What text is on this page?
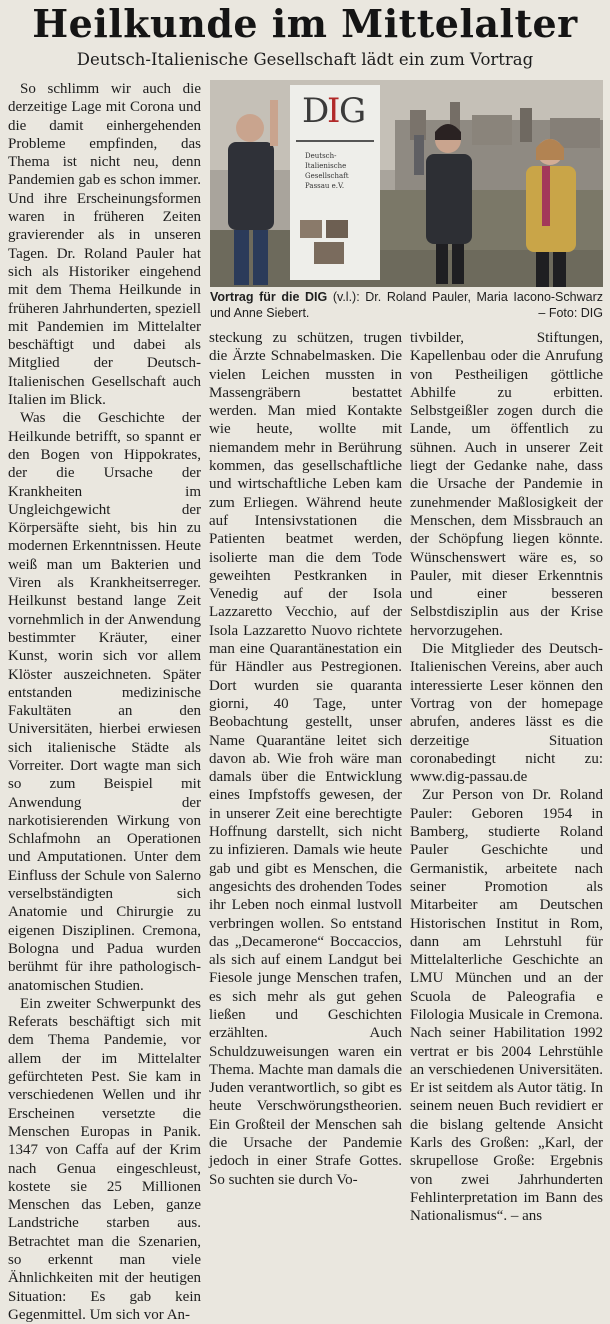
Heilkunde im Mittelalter
Deutsch-Italienische Gesellschaft lädt ein zum Vortrag

So schlimm wir auch die derzeitige Lage mit Corona und die damit einhergehenden Probleme empfinden, das Thema ist nicht neu, denn Pandemien gab es schon immer. Und ihre Erscheinungsformen waren in früheren Zeiten gravierender als in unseren Tagen. Dr. Roland Pauler hat sich als Historiker eingehend mit dem Thema Heilkunde in früheren Jahrhunderten, speziell mit Pandemien im Mittelalter beschäftigt und dabei als Mitglied der Deutsch-Italienischen Gesellschaft auch Italien im Blick.

Was die Geschichte der Heilkunde betrifft, so spannt er den Bogen von Hippokrates, der die Ursache der Krankheiten im Ungleichgewicht der Körpersäfte sieht, bis hin zu modernen Erkenntnissen. Heute weiß man um Bakterien und Viren als Krankheitserreger. Heilkunst bestand lange Zeit vornehmlich in der Anwendung bestimmter Kräuter, einer Kunst, worin sich vor allem Klöster auszeichneten. Später entstanden medizinische Fakultäten an den Universitäten, hierbei erwiesen sich italienische Städte als Vorreiter. Dort wagte man sich so zum Beispiel mit Anwendung der narkotisierenden Wirkung von Schlafmohn an Operationen und Amputationen. Unter dem Einfluss der Schule von Salerno verselbständigten sich Anatomie und Chirurgie zu eigenen Disziplinen. Cremona, Bologna und Padua wurden berühmt für ihre pathologisch-anatomischen Studien.

Ein zweiter Schwerpunkt des Referats beschäftigt sich mit dem Thema Pandemie, vor allem der im Mittelalter gefürchteten Pest. Sie kam in verschiedenen Wellen und ihr Erscheinen versetzte die Menschen Europas in Panik. 1347 von Caffa auf der Krim nach Genua eingeschleust, kostete sie 25 Millionen Menschen das Leben, ganze Landstriche starben aus. Betrachtet man die Szenarien, so erkennt man viele Ähnlichkeiten mit der heutigen Situation: Es gab kein Gegenmittel. Um sich vor An-

D
I
G
Deutsch-
Italienische
Gesellschaft
Passau e.V.
Vortrag für die DIG (v.l.): Dr. Roland Pauler, Maria Iacono-Schwarz und Anne Siebert.	– Foto: DIG

steckung zu schützen, trugen die Ärzte Schnabelmasken. Die vielen Leichen mussten in Massengräbern bestattet werden. Man mied Kontakte wie heute, wollte mit niemandem mehr in Berührung kommen, das gesellschaftliche und wirtschaftliche Leben kam zum Erliegen. Während heute auf Intensivstationen die Patienten beatmet werden, isolierte man die dem Tode geweihten Pestkranken in Venedig auf der Isola Lazzaretto Vecchio, auf der Isola Lazzaretto Nuovo richtete man eine Quarantänestation ein für Händler aus Pestregionen. Dort wurden sie quaranta giorni, 40 Tage, unter Beobachtung gestellt, unser Name Quarantäne leitet sich davon ab. Wie froh wäre man damals über die Entwicklung eines Impfstoffs gewesen, der in unserer Zeit eine berechtigte Hoffnung darstellt, sich nicht zu infizieren. Damals wie heute gab und gibt es Menschen, die angesichts des drohenden Todes ihr Leben noch einmal lustvoll verbringen wollen. So entstand das „Decamerone“ Boccaccios, als sich auf einem Landgut bei Fiesole junge Menschen trafen, es sich mehr als gut gehen ließen und Geschichten erzählten. Auch Schuldzuweisungen waren ein Thema. Machte man damals die Juden verantwortlich, so gibt es heute Verschwörungstheorien. Ein Großteil der Menschen sah die Ursache der Pandemie jedoch in einer Strafe Gottes. So suchten sie durch Vo-

tivbilder, Stiftungen, Kapellenbau oder die Anrufung von Pestheiligen göttliche Abhilfe zu erbitten. Selbstgeißler zogen durch die Lande, um öffentlich zu sühnen. Auch in unserer Zeit liegt der Gedanke nahe, dass die Ursache der Pandemie in zunehmender Maßlosigkeit der Menschen, dem Missbrauch an der Schöpfung liegen könnte. Wünschenswert wäre es, so Pauler, mit dieser Erkenntnis und einer besseren Selbstdisziplin aus der Krise hervorzugehen.

Die Mitglieder des Deutsch-Italienischen Vereins, aber auch interessierte Leser können den Vortrag von der homepage abrufen, anderes lässt es die derzeitige Situation coronabedingt nicht zu: www.dig-passau.de

Zur Person von Dr. Roland Pauler: Geboren 1954 in Bamberg, studierte Roland Pauler Geschichte und Germanistik, arbeitete nach seiner Promotion als Mitarbeiter am Deutschen Historischen Institut in Rom, dann am Lehrstuhl für Mittelalterliche Geschichte an LMU München und an der Scuola de Paleografia e Filologia Musicale in Cremona. Nach seiner Habilitation 1992 vertrat er bis 2004 Lehrstühle an verschiedenen Universitäten. Er ist seitdem als Autor tätig. In seinem neuen Buch revidiert er die bislang geltende Ansicht Karls des Großen: „Karl, der skrupellose Große: Ergebnis von zwei Jahrhunderten Fehlinterpretation im Bann des Nationalismus“. – ans
